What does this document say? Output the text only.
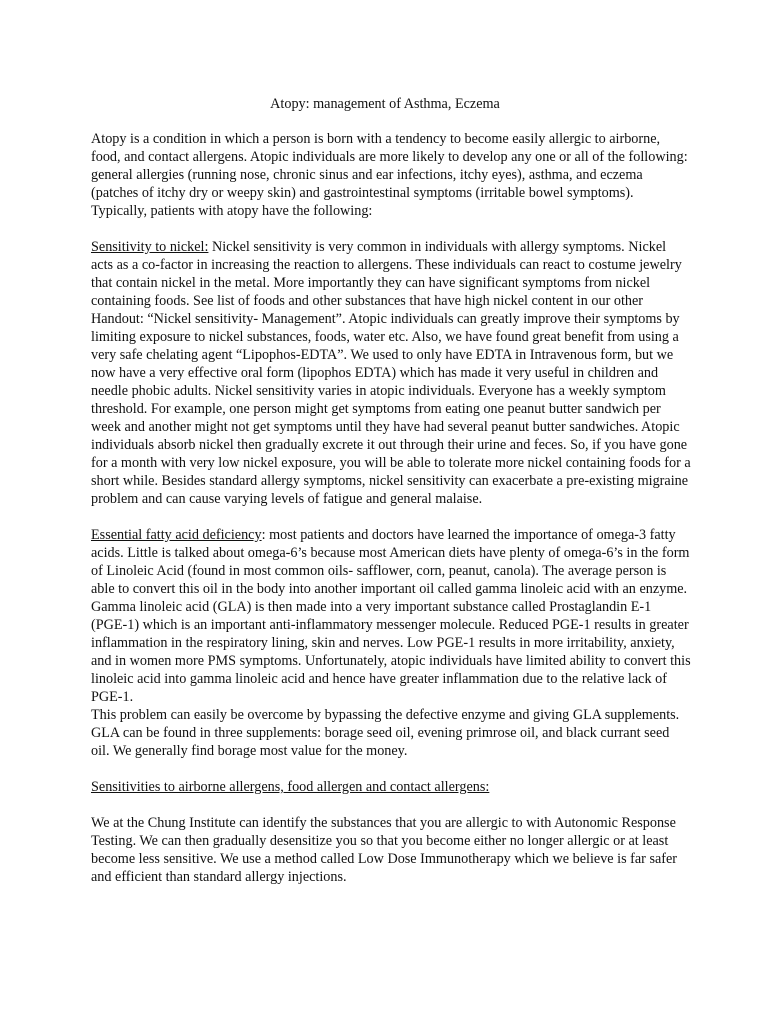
Atopy: management of Asthma, Eczema

Atopy is a condition in which a person is born with a tendency to become easily allergic to airborne, food, and contact allergens. Atopic individuals are more likely to develop any one or all of the following: general allergies (running nose, chronic sinus and ear infections, itchy eyes), asthma, and eczema (patches of itchy dry or weepy skin) and gastrointestinal symptoms (irritable bowel symptoms). Typically, patients with atopy have the following:

Sensitivity to nickel: Nickel sensitivity is very common in individuals with allergy symptoms. Nickel acts as a co-factor in increasing the reaction to allergens. These individuals can react to costume jewelry that contain nickel in the metal. More importantly they can have significant symptoms from nickel containing foods. See list of foods and other substances that have high nickel content in our other Handout: “Nickel sensitivity- Management”. Atopic individuals can greatly improve their symptoms by limiting exposure to nickel substances, foods, water etc. Also, we have found great benefit from using a very safe chelating agent “Lipophos-EDTA”. We used to only have EDTA in Intravenous form, but we now have a very effective oral form (lipophos EDTA) which has made it very useful in children and needle phobic adults. Nickel sensitivity varies in atopic individuals. Everyone has a weekly symptom threshold. For example, one person might get symptoms from eating one peanut butter sandwich per week and another might not get symptoms until they have had several peanut butter sandwiches. Atopic individuals absorb nickel then gradually excrete it out through their urine and feces. So, if you have gone for a month with very low nickel exposure, you will be able to tolerate more nickel containing foods for a short while. Besides standard allergy symptoms, nickel sensitivity can exacerbate a pre-existing migraine problem and can cause varying levels of fatigue and general malaise.

Essential fatty acid deficiency: most patients and doctors have learned the importance of omega-3 fatty acids. Little is talked about omega-6’s because most American diets have plenty of omega-6’s in the form of Linoleic Acid (found in most common oils- safflower, corn, peanut, canola). The average person is able to convert this oil in the body into another important oil called gamma linoleic acid with an enzyme. Gamma linoleic acid (GLA) is then made into a very important substance called Prostaglandin E-1 (PGE-1) which is an important anti-inflammatory messenger molecule. Reduced PGE-1 results in greater inflammation in the respiratory lining, skin and nerves. Low PGE-1 results in more irritability, anxiety, and in women more PMS symptoms. Unfortunately, atopic individuals have limited ability to convert this linoleic acid into gamma linoleic acid and hence have greater inflammation due to the relative lack of PGE-1.

This problem can easily be overcome by bypassing the defective enzyme and giving GLA supplements. GLA can be found in three supplements: borage seed oil, evening primrose oil, and black currant seed oil. We generally find borage most value for the money.

Sensitivities to airborne allergens, food allergen and contact allergens:

We at the Chung Institute can identify the substances that you are allergic to with Autonomic Response Testing. We can then gradually desensitize you so that you become either no longer allergic or at least become less sensitive. We use a method called Low Dose Immunotherapy which we believe is far safer and efficient than standard allergy injections.
